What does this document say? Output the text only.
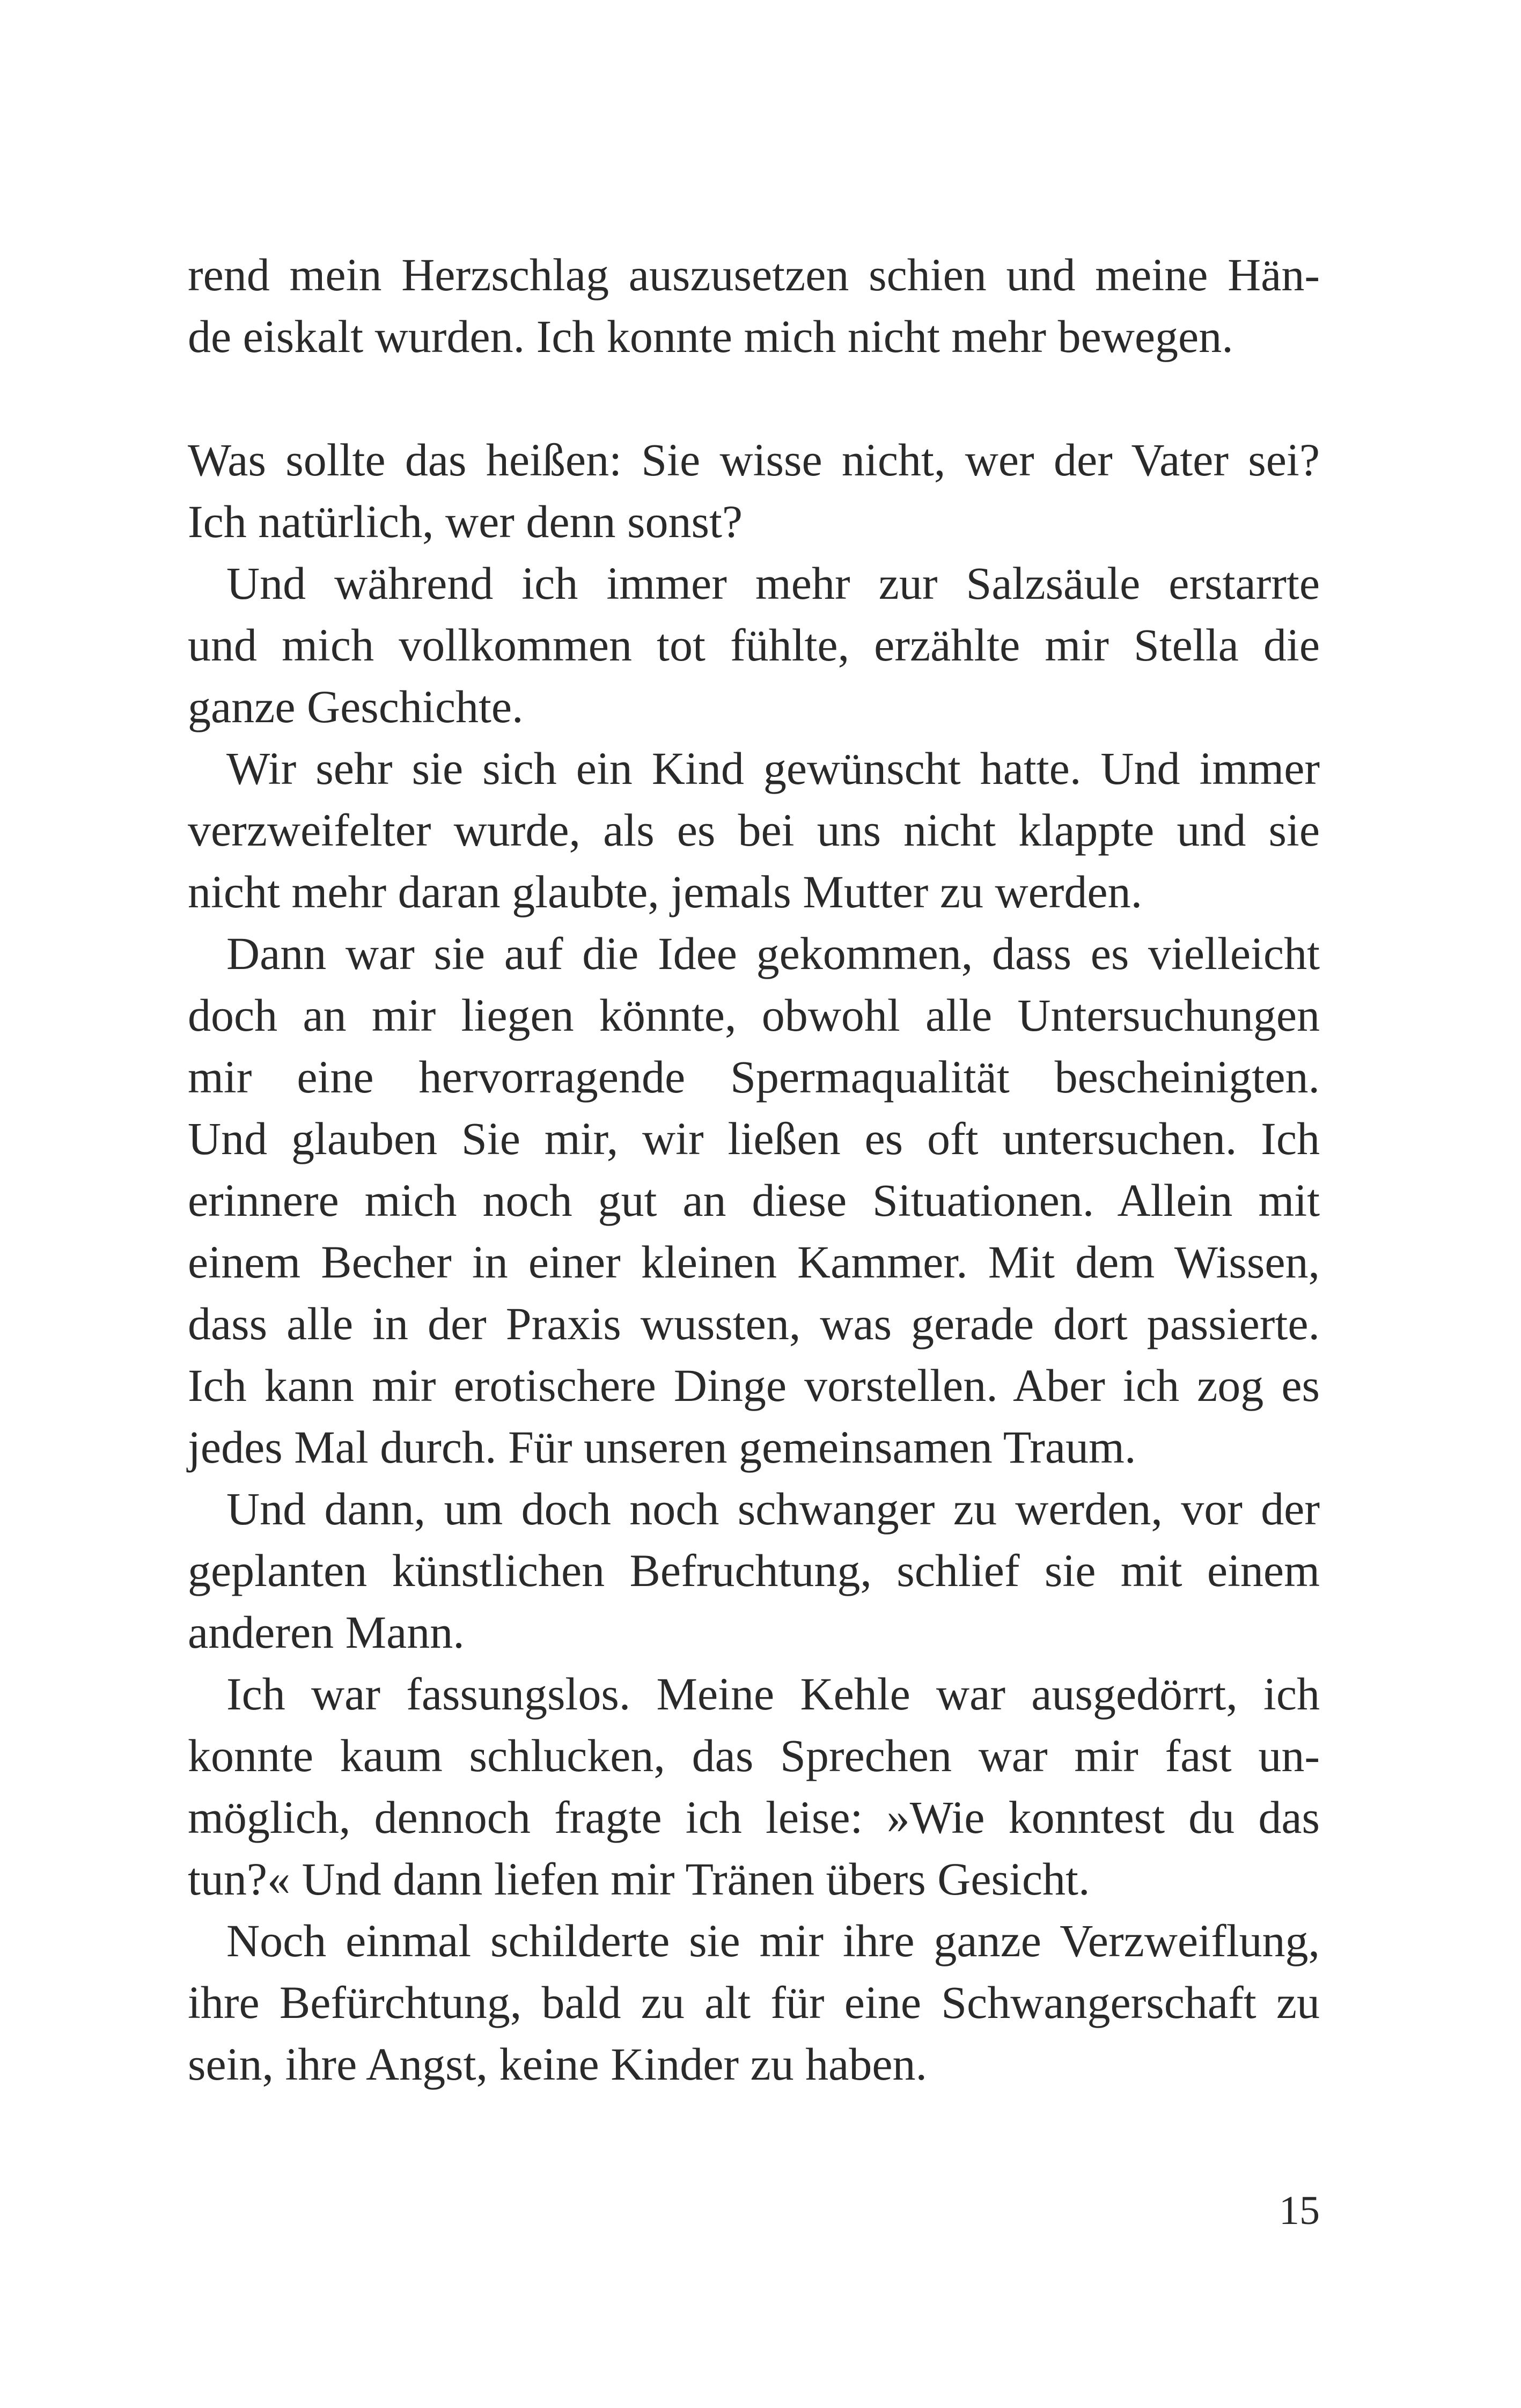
rend mein Herzschlag auszusetzen schien und meine Hän-
de eiskalt wurden. Ich konnte mich nicht mehr bewegen.
Was sollte das heißen: Sie wisse nicht, wer der Vater sei?
Ich natürlich, wer denn sonst?
Und während ich immer mehr zur Salzsäule erstarrte
und mich vollkommen tot fühlte, erzählte mir Stella die
ganze Geschichte.
Wir sehr sie sich ein Kind gewünscht hatte. Und immer
verzweifelter wurde, als es bei uns nicht klappte und sie
nicht mehr daran glaubte, jemals Mutter zu werden.
Dann war sie auf die Idee gekommen, dass es vielleicht
doch an mir liegen könnte, obwohl alle Untersuchungen
mir eine hervorragende Spermaqualität bescheinigten.
Und glauben Sie mir, wir ließen es oft untersuchen. Ich
erinnere mich noch gut an diese Situationen. Allein mit
einem Becher in einer kleinen Kammer. Mit dem Wissen,
dass alle in der Praxis wussten, was gerade dort passierte.
Ich kann mir erotischere Dinge vorstellen. Aber ich zog es
jedes Mal durch. Für unseren gemeinsamen Traum.
Und dann, um doch noch schwanger zu werden, vor der
geplanten künstlichen Befruchtung, schlief sie mit einem
anderen Mann.
Ich war fassungslos. Meine Kehle war ausgedörrt, ich
konnte kaum schlucken, das Sprechen war mir fast un-
möglich, dennoch fragte ich leise: »Wie konntest du das
tun?« Und dann liefen mir Tränen übers Gesicht.
Noch einmal schilderte sie mir ihre ganze Verzweiflung,
ihre Befürchtung, bald zu alt für eine Schwangerschaft zu
sein, ihre Angst, keine Kinder zu haben.
15
